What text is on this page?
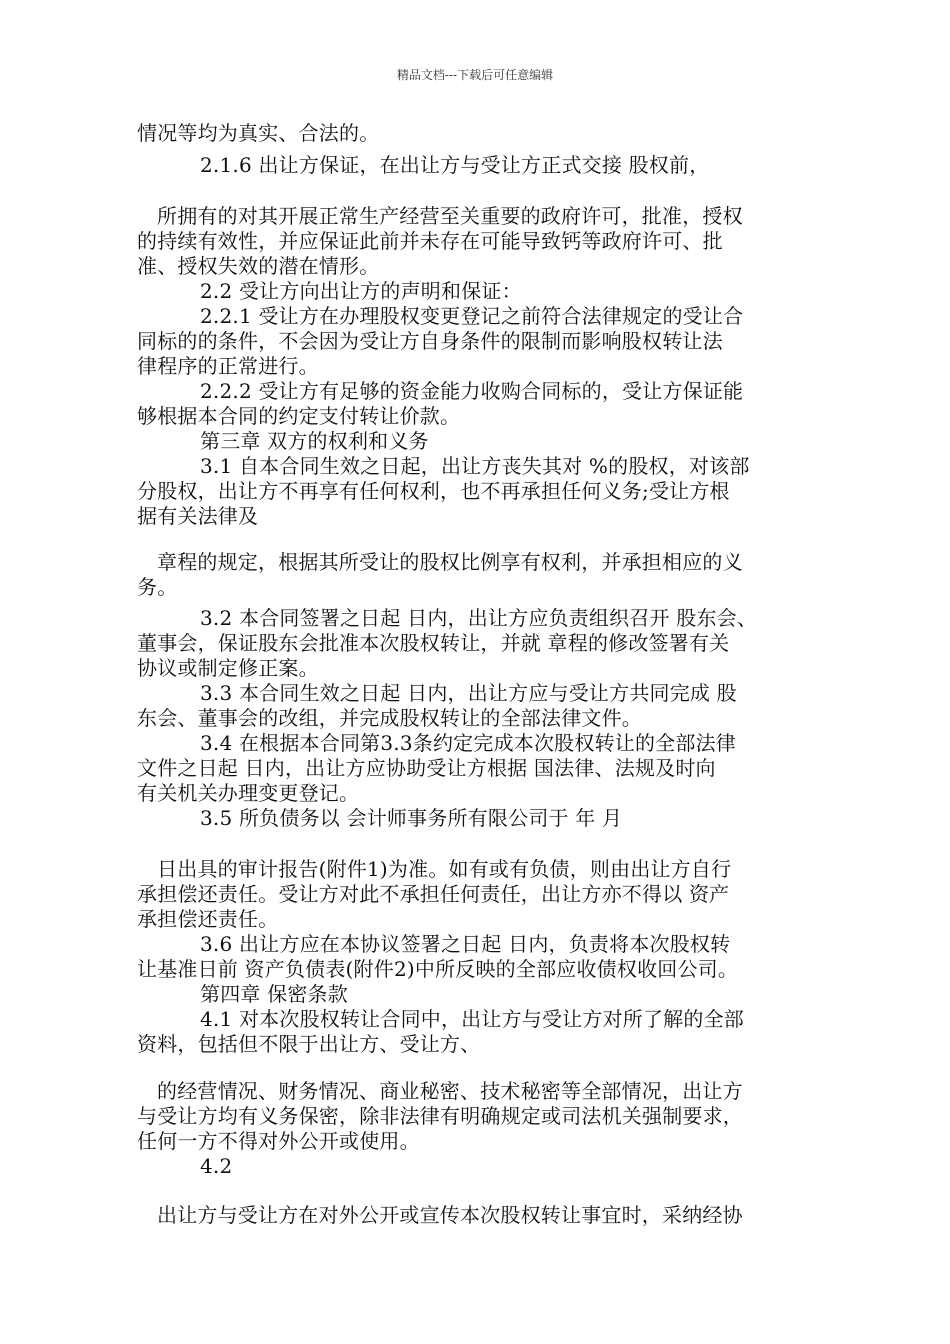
精品文档---下载后可任意编辑
情况等均为真实、合法的。
2.1.6 出让方保证，在出让方与受让方正式交接 股权前，
所拥有的对其开展正常生产经营至关重要的政府许可，批准，授权
的持续有效性，并应保证此前并未存在可能导致钙等政府许可、批
准、授权失效的潜在情形。
2.2 受让方向出让方的声明和保证：
2.2.1 受让方在办理股权变更登记之前符合法律规定的受让合
同标的的条件，不会因为受让方自身条件的限制而影响股权转让法
律程序的正常进行。
2.2.2 受让方有足够的资金能力收购合同标的，受让方保证能
够根据本合同的约定支付转让价款。
第三章 双方的权利和义务
3.1 自本合同生效之日起，出让方丧失其对 %的股权，对该部
分股权，出让方不再享有任何权利，也不再承担任何义务;受让方根
据有关法律及
章程的规定，根据其所受让的股权比例享有权利，并承担相应的义
务。
3.2 本合同签署之日起 日内，出让方应负责组织召开 股东会、
董事会，保证股东会批准本次股权转让，并就 章程的修改签署有关
协议或制定修正案。
3.3 本合同生效之日起 日内，出让方应与受让方共同完成 股
东会、董事会的改组，并完成股权转让的全部法律文件。
3.4 在根据本合同第3.3条约定完成本次股权转让的全部法律
文件之日起 日内，出让方应协助受让方根据 国法律、法规及时向
有关机关办理变更登记。
3.5 所负债务以 会计师事务所有限公司于 年 月
日出具的审计报告(附件1)为准。如有或有负债，则由出让方自行
承担偿还责任。受让方对此不承担任何责任，出让方亦不得以 资产
承担偿还责任。
3.6 出让方应在本协议签署之日起 日内，负责将本次股权转
让基准日前 资产负债表(附件2)中所反映的全部应收债权收回公司。
第四章 保密条款
4.1 对本次股权转让合同中，出让方与受让方对所了解的全部
资料，包括但不限于出让方、受让方、
的经营情况、财务情况、商业秘密、技术秘密等全部情况，出让方
与受让方均有义务保密，除非法律有明确规定或司法机关强制要求，
任何一方不得对外公开或使用。
4.2
出让方与受让方在对外公开或宣传本次股权转让事宜时，采纳经协
